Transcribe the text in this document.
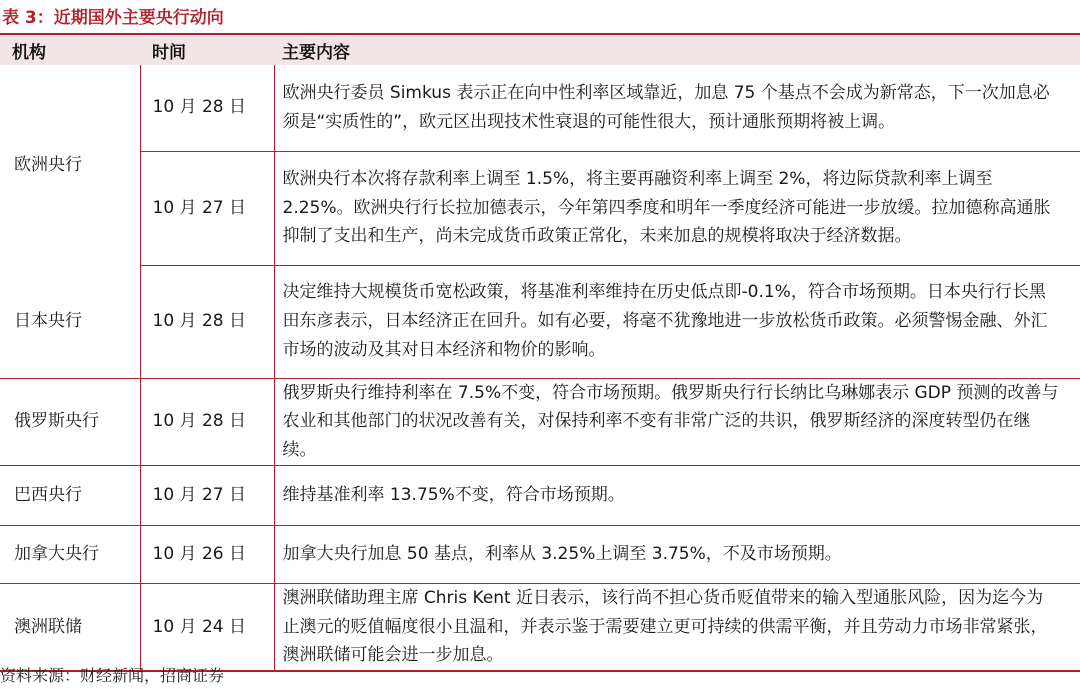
表 3：近期国外主要央行动向
机构	时间	主要内容
欧洲央行	10 月 28 日	欧洲央行委员 Simkus 表示正在向中性利率区域靠近，加息 75 个基点不会成为新常态，下一次加息必须是“实质性的”，欧元区出现技术性衰退的可能性很大，预计通胀预期将被上调。
	10 月 27 日	欧洲央行本次将存款利率上调至 1.5%，将主要再融资利率上调至 2%，将边际贷款利率上调至 2.25%。欧洲央行行长拉加德表示，今年第四季度和明年一季度经济可能进一步放缓。拉加德称高通胀抑制了支出和生产，尚未完成货币政策正常化，未来加息的规模将取决于经济数据。
日本央行	10 月 28 日	决定维持大规模货币宽松政策，将基准利率维持在历史低点即-0.1%，符合市场预期。日本央行行长黑田东彦表示，日本经济正在回升。如有必要，将毫不犹豫地进一步放松货币政策。必须警惕金融、外汇市场的波动及其对日本经济和物价的影响。
俄罗斯央行	10 月 28 日	俄罗斯央行维持利率在 7.5%不变，符合市场预期。俄罗斯央行行长纳比乌琳娜表示 GDP 预测的改善与农业和其他部门的状况改善有关，对保持利率不变有非常广泛的共识，俄罗斯经济的深度转型仍在继续。
巴西央行	10 月 27 日	维持基准利率 13.75%不变，符合市场预期。
加拿大央行	10 月 26 日	加拿大央行加息 50 基点，利率从 3.25%上调至 3.75%，不及市场预期。
澳洲联储	10 月 24 日	澳洲联储助理主席 Chris Kent 近日表示，该行尚不担心货币贬值带来的输入型通胀风险，因为迄今为止澳元的贬值幅度很小且温和，并表示鉴于需要建立更可持续的供需平衡，并且劳动力市场非常紧张，澳洲联储可能会进一步加息。
资料来源：财经新闻，招商证券
